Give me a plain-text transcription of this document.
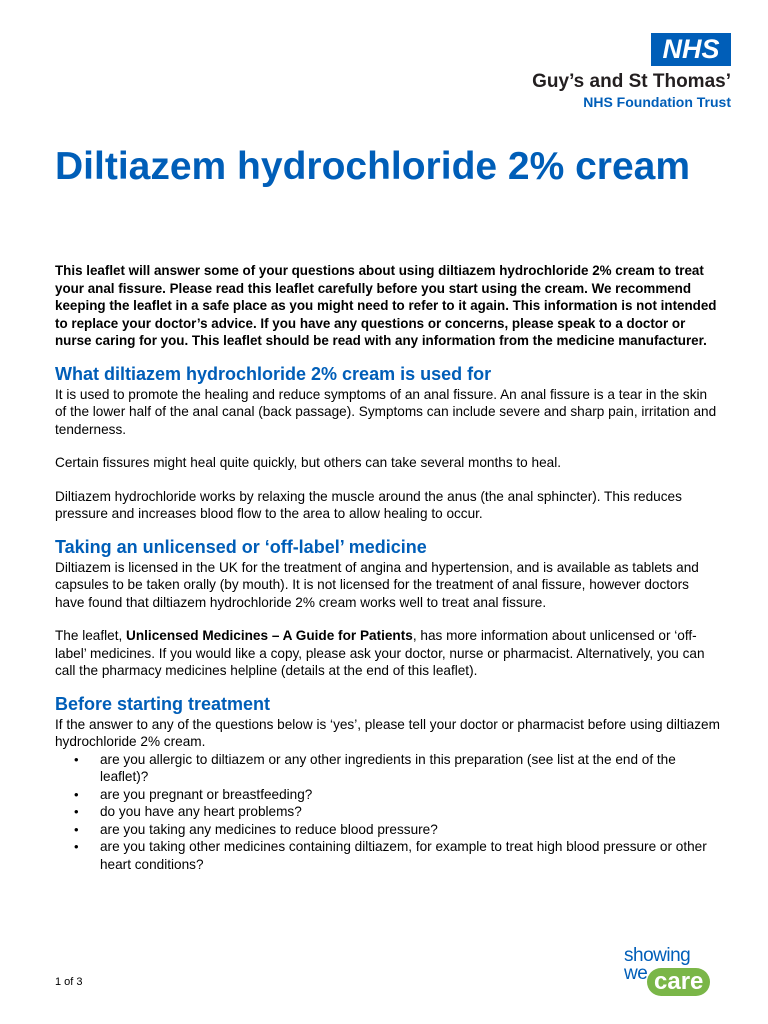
NHS
Guy’s and St Thomas’
NHS Foundation Trust
Diltiazem hydrochloride 2% cream

This leaflet will answer some of your questions about using diltiazem hydrochloride 2% cream to treat your anal fissure. Please read this leaflet carefully before you start using the cream. We recommend keeping the leaflet in a safe place as you might need to refer to it again. This information is not intended to replace your doctor’s advice. If you have any questions or concerns, please speak to a doctor or nurse caring for you. This leaflet should be read with any information from the medicine manufacturer.

What diltiazem hydrochloride 2% cream is used for

It is used to promote the healing and reduce symptoms of an anal fissure. An anal fissure is a tear in the skin of the lower half of the anal canal (back passage). Symptoms can include severe and sharp pain, irritation and tenderness.

Certain fissures might heal quite quickly, but others can take several months to heal.

Diltiazem hydrochloride works by relaxing the muscle around the anus (the anal sphincter). This reduces pressure and increases blood flow to the area to allow healing to occur.

Taking an unlicensed or ‘off-label’ medicine

Diltiazem is licensed in the UK for the treatment of angina and hypertension, and is available as tablets and capsules to be taken orally (by mouth). It is not licensed for the treatment of anal fissure, however doctors have found that diltiazem hydrochloride 2% cream works well to treat anal fissure.

The leaflet, Unlicensed Medicines – A Guide for Patients, has more information about unlicensed or ‘off-label’ medicines. If you would like a copy, please ask your doctor, nurse or pharmacist. Alternatively, you can call the pharmacy medicines helpline (details at the end of this leaflet).

Before starting treatment

If the answer to any of the questions below is ‘yes’, please tell your doctor or pharmacist before using diltiazem hydrochloride 2% cream.

• are you allergic to diltiazem or any other ingredients in this preparation (see list at the end of the leaflet)?
• are you pregnant or breastfeeding?
• do you have any heart problems?
• are you taking any medicines to reduce blood pressure?
• are you taking other medicines containing diltiazem, for example to treat high blood pressure or other heart conditions?
1 of 3
showing
we care
